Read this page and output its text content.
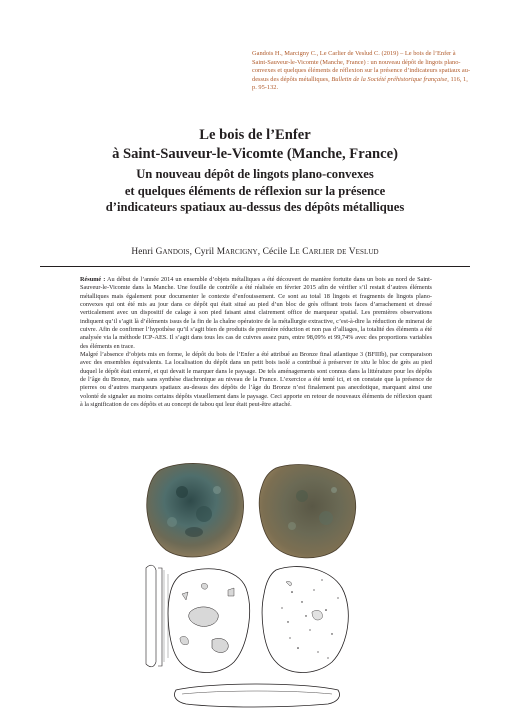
Gandois H., Marcigny C., Le Carlier de Veslud C. (2019) – Le bois de l’Enfer à Saint-Sauveur-le-Vicomte (Manche, France) : un nouveau dépôt de lingots plano-convexes et quelques éléments de réflexion sur la présence d’indicateurs spatiaux au-dessus des dépôts métalliques, Bulletin de la Société préhistorique française, 116, 1, p. 95-132.
Le bois de l’Enfer
à Saint-Sauveur-le-Vicomte (Manche, France)
Un nouveau dépôt de lingots plano-convexes
et quelques éléments de réflexion sur la présence
d’indicateurs spatiaux au-dessus des dépôts métalliques
Henri Gandois, Cyril Marcigny, Cécile Le Carlier de Veslud

Résumé : Au début de l’année 2014 un ensemble d’objets métalliques a été découvert de manière fortuite dans un bois au nord de Saint-Sauveur-le-Vicomte dans la Manche. Une fouille de contrôle a été réalisée en février 2015 afin de vérifier s’il restait d’autres éléments métalliques mais également pour documenter le contexte d’enfouissement. Ce sont au total 18 lingots et fragments de lingots plano-convexes qui ont été mis au jour dans ce dépôt qui était situé au pied d’un bloc de grès offrant trois faces d’arrachement et dressé verticalement avec un dispositif de calage à son pied faisant ainsi clairement office de marqueur spatial. Les premières observations indiquent qu’il s’agit là d’éléments issus de la fin de la chaîne opératoire de la métallurgie extractive, c’est-à-dire la réduction de minerai de cuivre. Afin de confirmer l’hypothèse qu’il s’agit bien de produits de première réduction et non pas d’alliages, la totalité des éléments a été analysée via la méthode ICP-AES. Il s’agit dans tous les cas de cuivres assez purs, entre 98,09% et 99,74% avec des proportions variables des éléments en trace.

Malgré l’absence d’objets mis en forme, le dépôt du bois de l’Enfer a été attribué au Bronze final atlantique 3 (BFIIIb), par comparaison avec des ensembles équivalents. La localisation du dépôt dans un petit bois isolé a contribué à préserver in situ le bloc de grès au pied duquel le dépôt était enterré, et qui devait le marquer dans le paysage. De tels aménagements sont connus dans la littérature pour les dépôts de l’âge du Bronze, mais sans synthèse diachronique au niveau de la France. L’exercice a été tenté ici, et on constate que la présence de pierres ou d’autres marqueurs spatiaux au-dessus des dépôts de l’âge du Bronze n’est finalement pas anecdotique, marquant ainsi une volonté de signaler au moins certains dépôts visuellement dans le paysage. Ceci apporte en retour de nouveaux éléments de réflexion quant à la signification de ces dépôts et au concept de tabou qui leur était peut-être attaché.
